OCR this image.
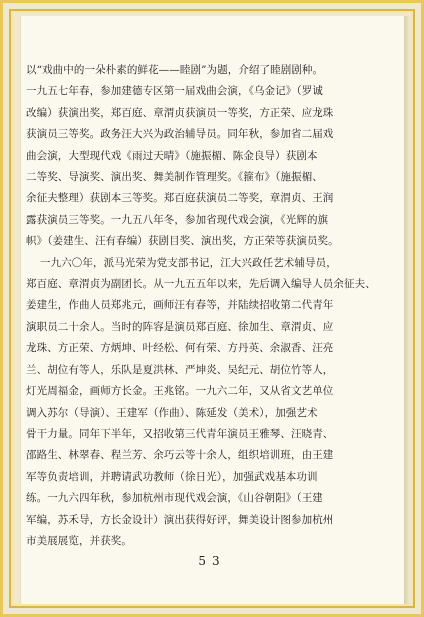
以“戏曲中的一朵朴素的鲜花——睦剧”为题，介绍了睦剧剧种。
一九五七年春，参加建德专区第一届戏曲会演，《乌金记》（罗诚
改编）获演出奖，郑百庭、章渭贞获演员一等奖，方正荣、应龙珠
获演员三等奖。政务汪大兴为政治辅导员。同年秋，参加省二届戏
曲会演，大型现代戏《雨过天晴》（施振楣、陈金良导）获剧本
二等奖、导演奖、演出奖、舞美制作管理奖。《箍布》（施振楣、
余征夫整理）获剧本三等奖。郑百庭获演员二等奖，章渭贞、王润
露获演员三等奖。一九五八年冬，参加省现代戏会演，《光辉的旗
帜》（姜建生、汪有春编）获剧目奖、演出奖，方正荣等获演员奖。
一九六〇年，派马光荣为党支部书记，江大兴政任艺术辅导员，
郑百庭、章渭贞为副团长。从一九五五年以来，先后调入编导人员余征夫、
姜建生，作曲人员郑兆元，画师汪有春等，并陆续招收第二代青年
演职员二十余人。当时的阵容是演员郑百庭、徐加生、章渭贞、应
龙珠、方正荣、方炳坤、叶经松、何有荣、方丹英、余淑香、汪亮
兰、胡位有等人，乐队是夏洪林、严坤炎、吴纪元、胡位竹等人，
灯光周福金，画师方长金。王兆铭。一九六二年，又从省文艺单位
调入苏尔（导演）、王建军（作曲）、陈延发（美术），加强艺术
骨干力量。同年下半年，又招收第三代青年演员王雅琴、汪晓青、
邵路生、林翠春、程兰芳、余巧云等十余人，组织培训班，由王建
军等负责培训，并聘请武功教师（徐日光），加强武戏基本功训
练。一九六四年秋，参加杭州市现代戏会演，《山谷朝阳》（王建
军编，苏禾导，方长金设计）演出获得好评，舞美设计图参加杭州
市美展展览，并获奖。
53
